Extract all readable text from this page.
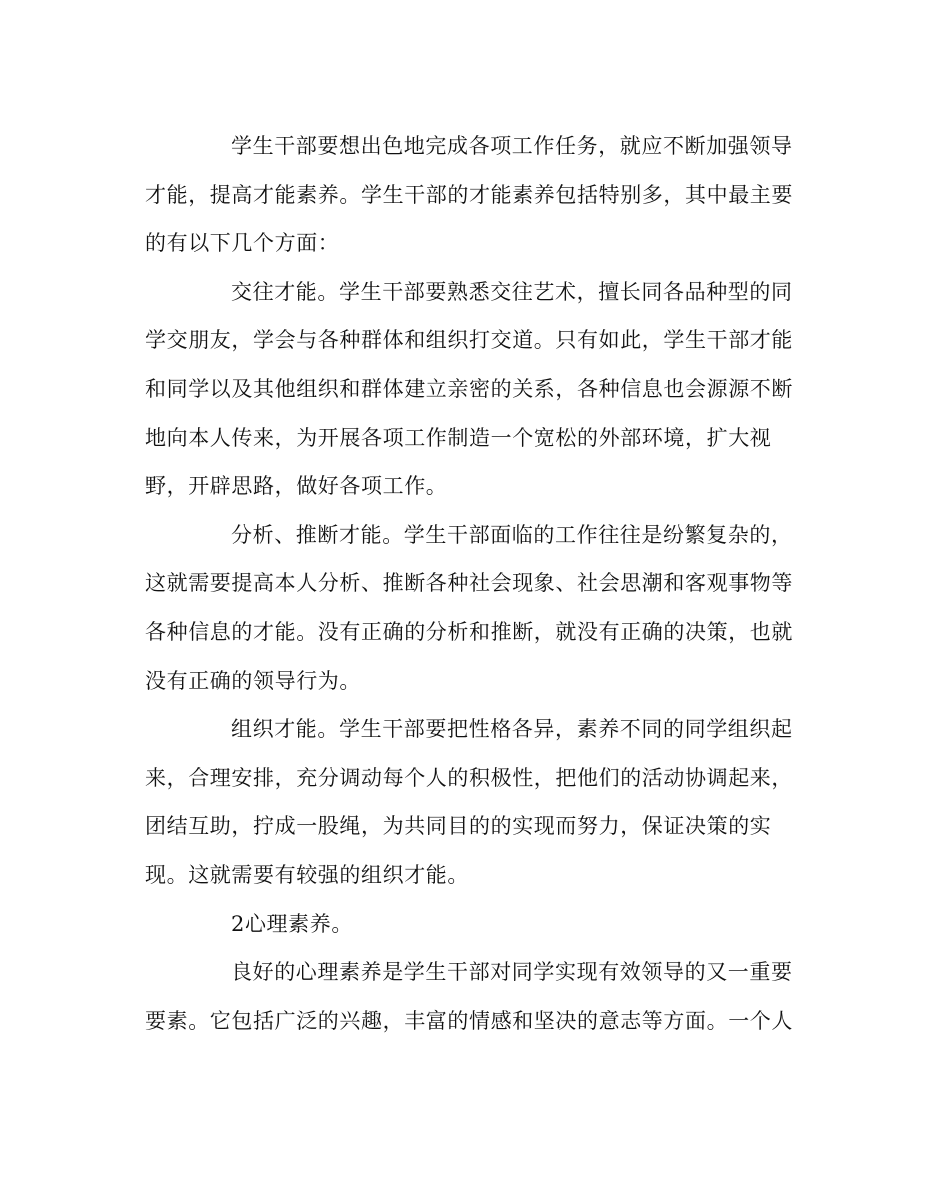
学生干部要想出色地完成各项工作任务，就应不断加强领导
才能，提高才能素养。学生干部的才能素养包括特别多，其中最主要
的有以下几个方面：
交往才能。学生干部要熟悉交往艺术，擅长同各品种型的同
学交朋友，学会与各种群体和组织打交道。只有如此，学生干部才能
和同学以及其他组织和群体建立亲密的关系，各种信息也会源源不断
地向本人传来，为开展各项工作制造一个宽松的外部环境，扩大视
野，开辟思路，做好各项工作。
分析、推断才能。学生干部面临的工作往往是纷繁复杂的，
这就需要提高本人分析、推断各种社会现象、社会思潮和客观事物等
各种信息的才能。没有正确的分析和推断，就没有正确的决策，也就
没有正确的领导行为。
组织才能。学生干部要把性格各异，素养不同的同学组织起
来，合理安排，充分调动每个人的积极性，把他们的活动协调起来，
团结互助，拧成一股绳，为共同目的的实现而努力，保证决策的实
现。这就需要有较强的组织才能。
2心理素养。
良好的心理素养是学生干部对同学实现有效领导的又一重要
要素。它包括广泛的兴趣，丰富的情感和坚决的意志等方面。一个人
